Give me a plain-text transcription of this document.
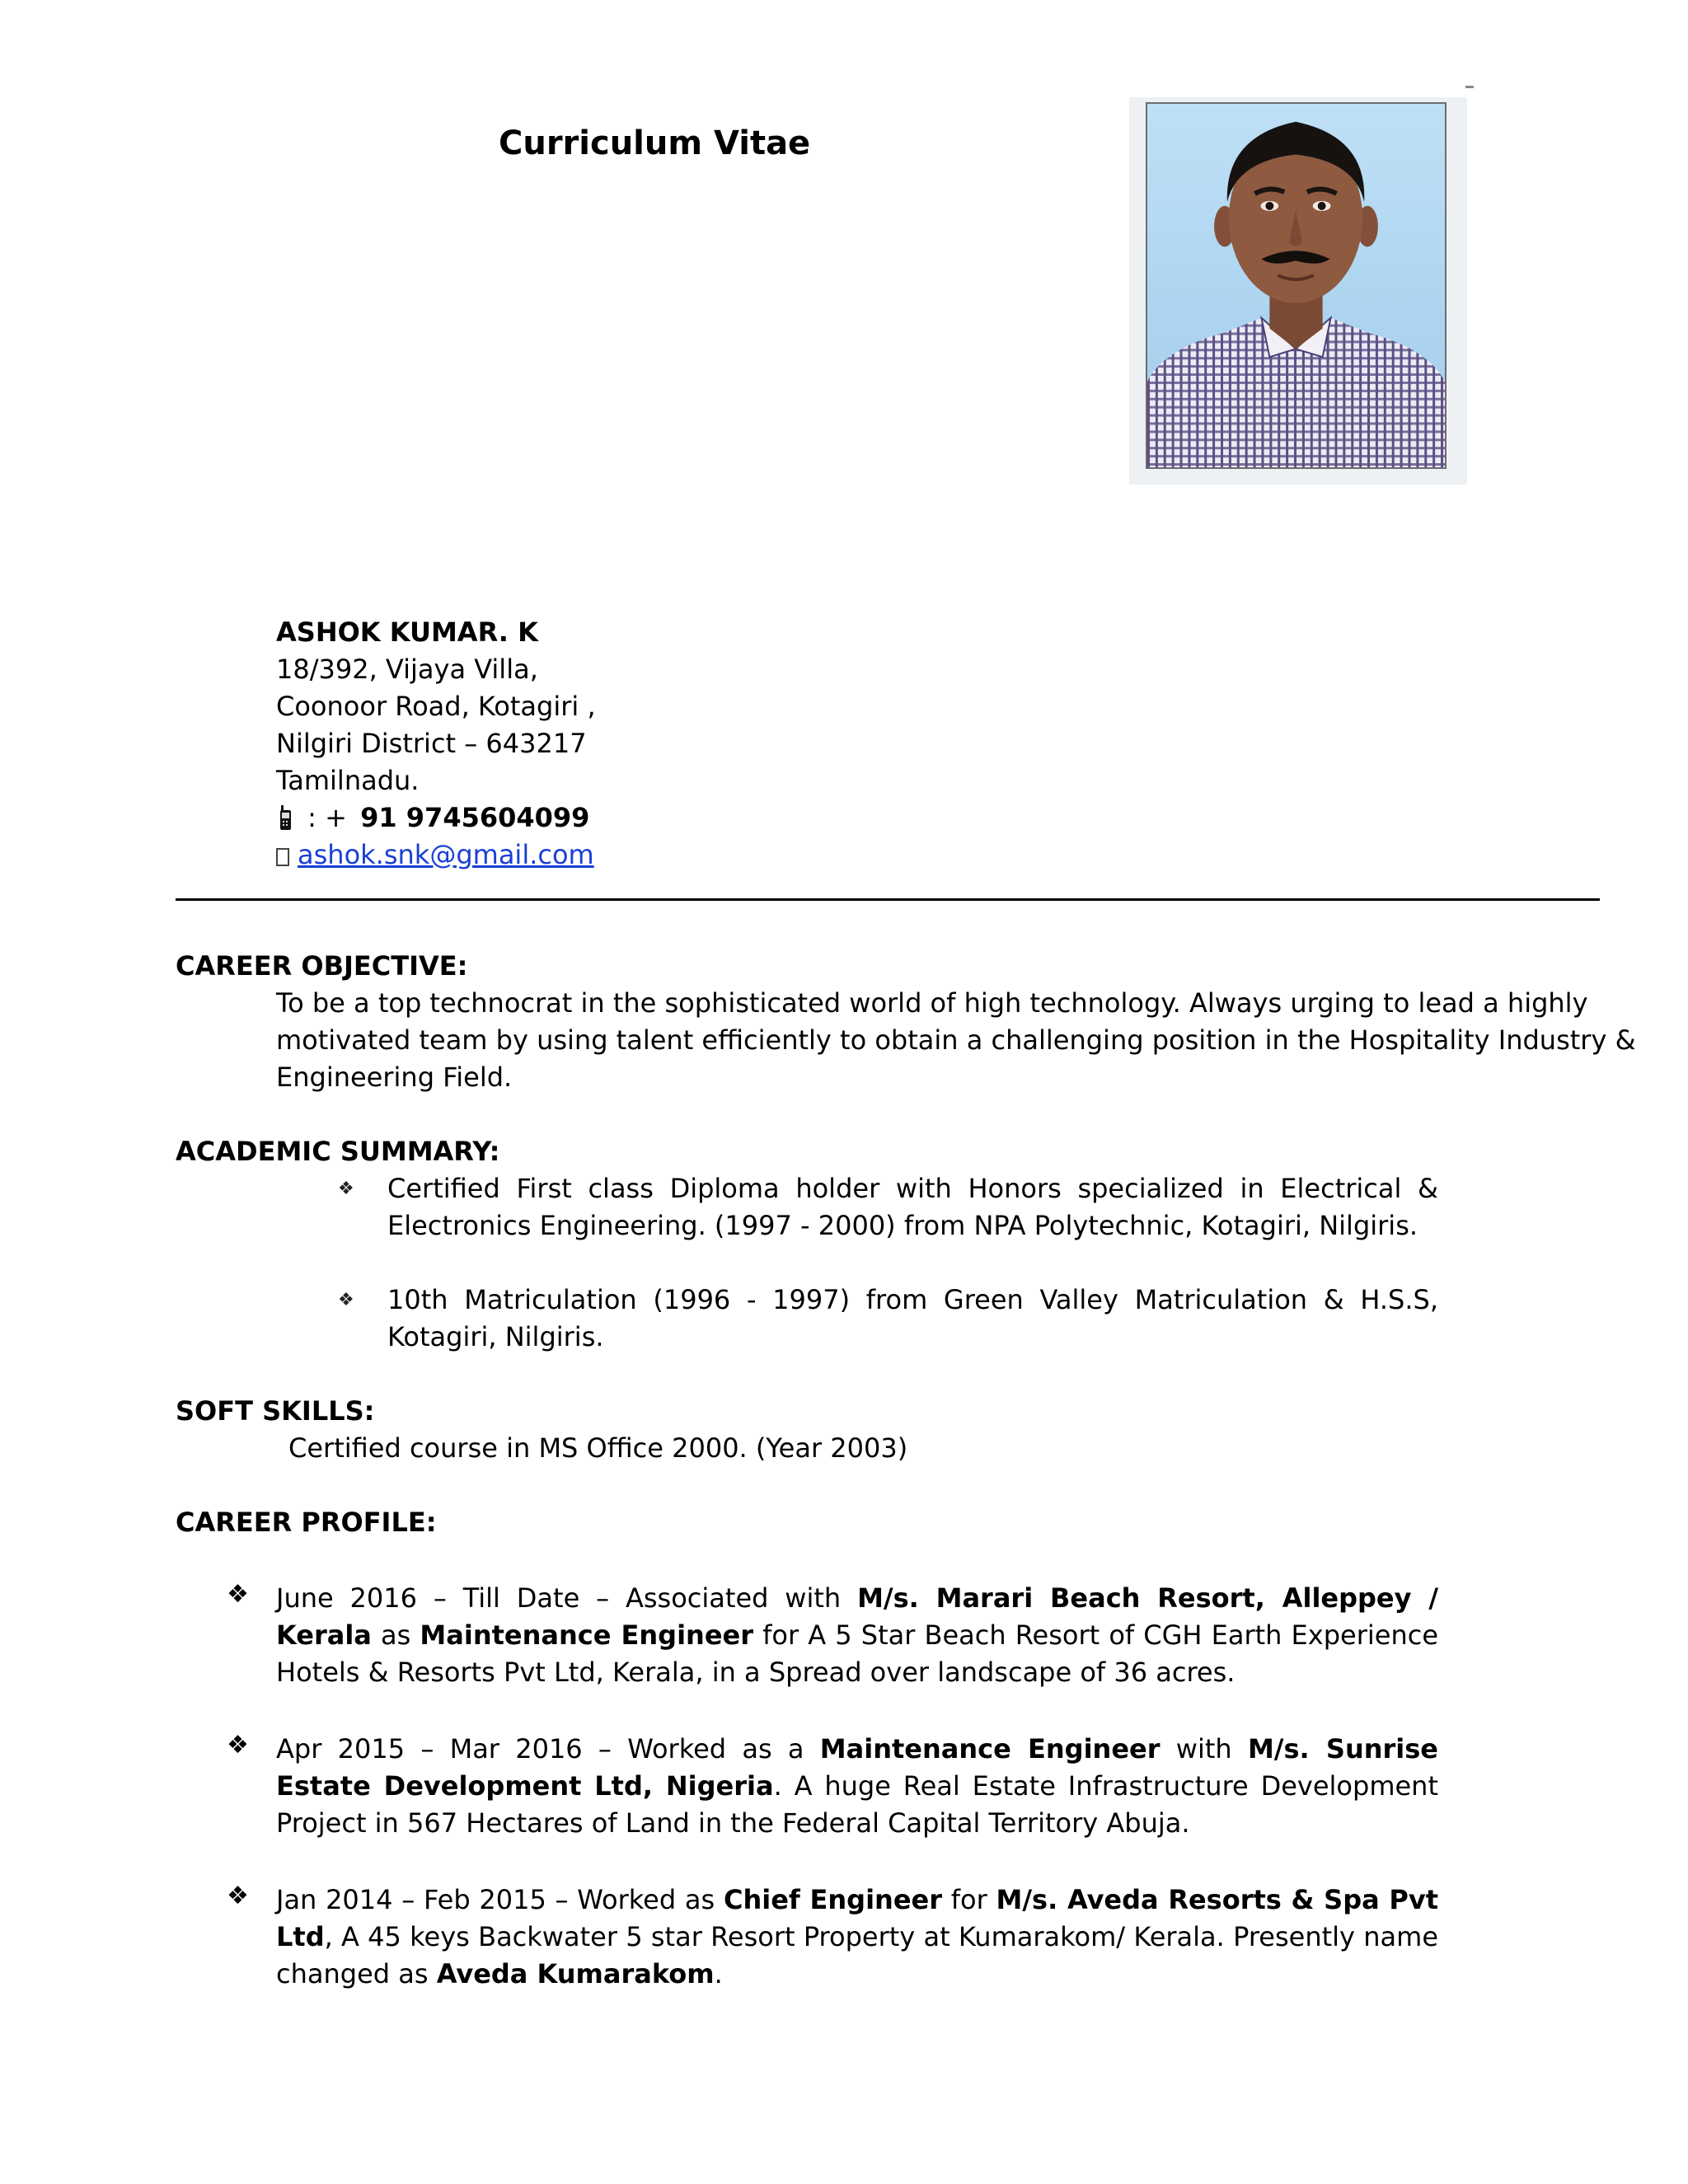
Curriculum Vitae
ASHOK KUMAR. K
18/392, Vijaya Villa,
Coonoor Road, Kotagiri ,
Nilgiri District – 643217
Tamilnadu.
: + 91 9745604099
ashok.snk@gmail.com
CAREER OBJECTIVE:
To be a top technocrat in the sophisticated world of high technology. Always urging to lead a highly
motivated team by using talent efficiently to obtain a challenging position in the Hospitality Industry &
Engineering Field.
ACADEMIC SUMMARY:
❖ Certified First class Diploma holder with Honors specialized in Electrical & Electronics Engineering. (1997 - 2000) from NPA Polytechnic, Kotagiri, Nilgiris.
❖ 10th Matriculation (1996 - 1997) from Green Valley Matriculation & H.S.S, Kotagiri, Nilgiris.
SOFT SKILLS:
Certified course in MS Office 2000. (Year 2003)
CAREER PROFILE:
❖ June 2016 – Till Date – Associated with M/s. Marari Beach Resort, Alleppey / Kerala as Maintenance Engineer for A 5 Star Beach Resort of CGH Earth Experience Hotels & Resorts Pvt Ltd, Kerala, in a Spread over landscape of 36 acres.
❖ Apr 2015 – Mar 2016 – Worked as a Maintenance Engineer with M/s. Sunrise Estate Development Ltd, Nigeria. A huge Real Estate Infrastructure Development Project in 567 Hectares of Land in the Federal Capital Territory Abuja.
❖ Jan 2014 – Feb 2015 – Worked as Chief Engineer for M/s. Aveda Resorts & Spa Pvt Ltd, A 45 keys Backwater 5 star Resort Property at Kumarakom/ Kerala. Presently name changed as Aveda Kumarakom.
